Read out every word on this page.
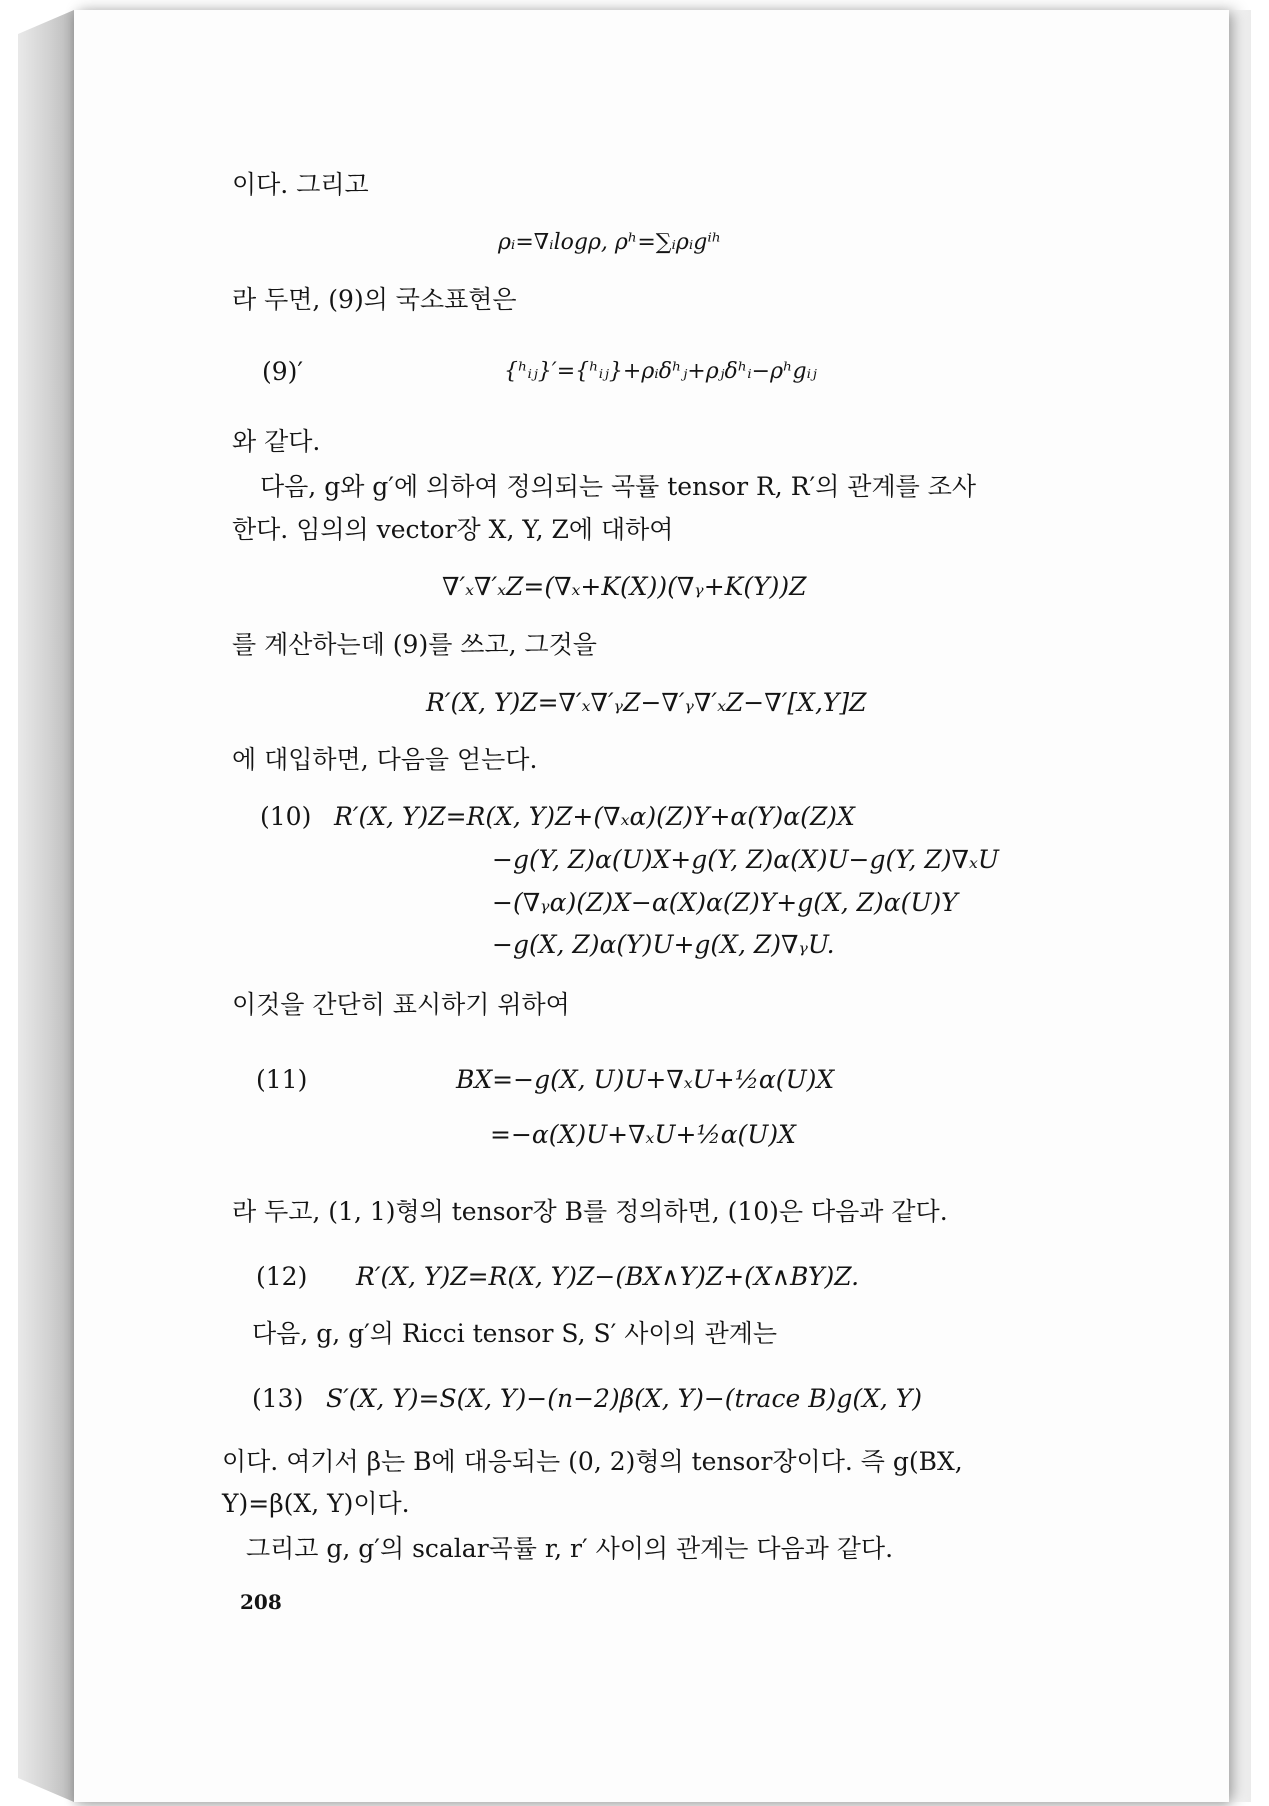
이다. 그리고
ρᵢ=∇ᵢlogρ, ρʰ=∑ᵢρᵢgⁱʰ
라 두면, (9)의 국소표현은
(9)′	{ʰᵢⱼ}′={ʰᵢⱼ}+ρᵢδʰⱼ+ρⱼδʰᵢ−ρʰgᵢⱼ
와 같다.
다음, g와 g′에 의하여 정의되는 곡률 tensor R, R′의 관계를 조사
한다. 임의의 vector장 X, Y, Z에 대하여
∇′ₓ∇′ₓZ=(∇ₓ+K(X))(∇ᵧ+K(Y))Z
를 계산하는데 (9)를 쓰고, 그것을
R′(X, Y)Z=∇′ₓ∇′ᵧZ−∇′ᵧ∇′ₓZ−∇′[X,Y]Z
에 대입하면, 다음을 얻는다.
(10) R′(X, Y)Z=R(X, Y)Z+(∇ₓα)(Z)Y+α(Y)α(Z)X
−g(Y, Z)α(U)X+g(Y, Z)α(X)U−g(Y, Z)∇ₓU
−(∇ᵧα)(Z)X−α(X)α(Z)Y+g(X, Z)α(U)Y
−g(X, Z)α(Y)U+g(X, Z)∇ᵧU.
이것을 간단히 표시하기 위하여
(11)	BX=−g(X, U)U+∇ₓU+½α(U)X
=−α(X)U+∇ₓU+½α(U)X
라 두고, (1, 1)형의 tensor장 B를 정의하면, (10)은 다음과 같다.
(12) R′(X, Y)Z=R(X, Y)Z−(BX∧Y)Z+(X∧BY)Z.
다음, g, g′의 Ricci tensor S, S′ 사이의 관계는
(13) S′(X, Y)=S(X, Y)−(n−2)β(X, Y)−(trace B)g(X, Y)
이다. 여기서 β는 B에 대응되는 (0, 2)형의 tensor장이다. 즉 g(BX,
Y)=β(X, Y)이다.
그리고 g, g′의 scalar곡률 r, r′ 사이의 관계는 다음과 같다.
208
